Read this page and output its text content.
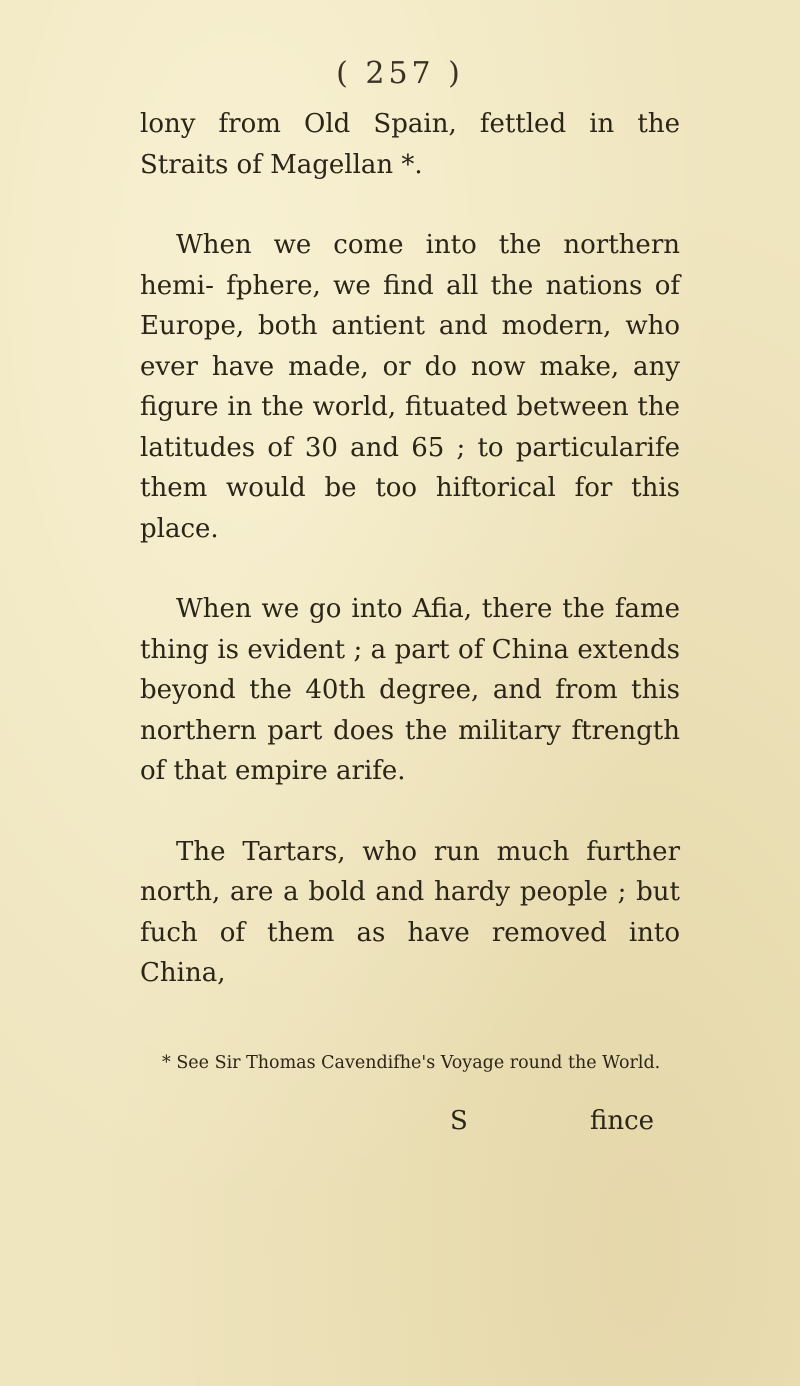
( 257 )

lony from Old Spain, fettled in the Straits of Magellan *.

When we come into the northern hemi- fphere, we find all the nations of Europe, both antient and modern, who ever have made, or do now make, any figure in the world, fituated between the latitudes of 30 and 65 ; to particularife them would be too hiftorical for this place.

When we go into Afia, there the fame thing is evident ; a part of China extends beyond the 40th degree, and from this northern part does the military ftrength of that empire arife.

The Tartars, who run much further north, are a bold and hardy people ; but fuch of them as have removed into China,

* See Sir Thomas Cavendifhe's Voyage round the World.

S	fince
